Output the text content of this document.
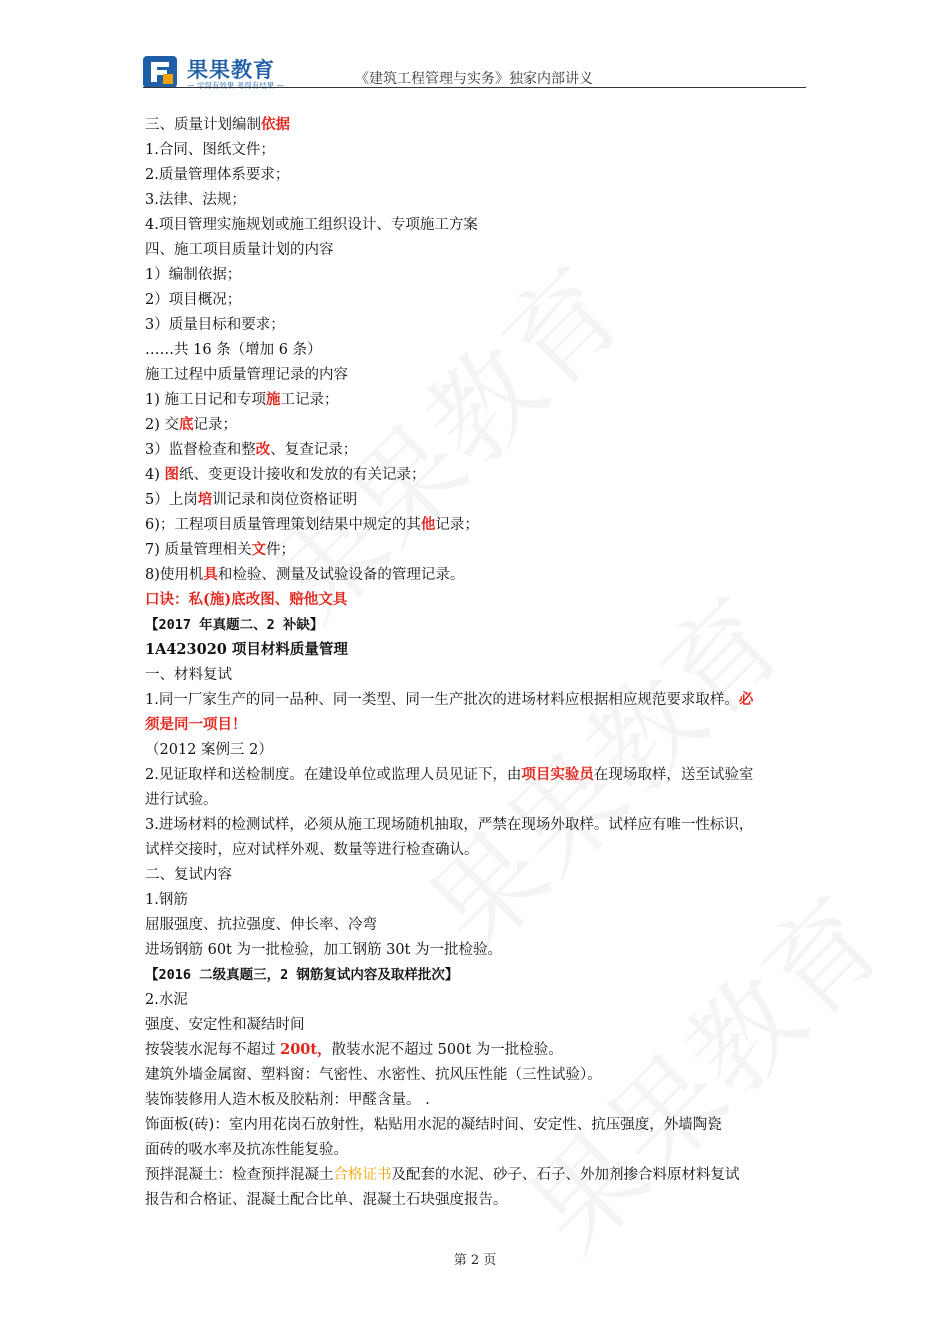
果果教育
— 学得有效果 考得有结果 —	《建筑工程管理与实务》独家内部讲义
三、质量计划编制依据
1.合同、图纸文件；
2.质量管理体系要求；
3.法律、法规；
4.项目管理实施规划或施工组织设计、专项施工方案
四、施工项目质量计划的内容
1）编制依据；
2）项目概况；
3）质量目标和要求；
……共 16 条（增加 6 条）
施工过程中质量管理记录的内容
1) 施工日记和专项施工记录；
2) 交底记录；
3）监督检查和整改、复查记录；
4) 图纸、变更设计接收和发放的有关记录；
5）上岗培训记录和岗位资格证明
6)；工程项目质量管理策划结果中规定的其他记录；
7) 质量管理相关文件；
8)使用机具和检验、测量及试验设备的管理记录。
口诀：私(施)底改图、赔他文具
【2017 年真题二、2 补缺】
1A423020 项目材料质量管理
一、材料复试
1.同一厂家生产的同一品种、同一类型、同一生产批次的进场材料应根据相应规范要求取样。必
须是同一项目！
（2012 案例三 2）
2.见证取样和送检制度。在建设单位或监理人员见证下，由项目实验员在现场取样，送至试验室
进行试验。
3.进场材料的检测试样，必须从施工现场随机抽取，严禁在现场外取样。试样应有唯一性标识，
试样交接时，应对试样外观、数量等进行检查确认。
二、复试内容
1.钢筋
屈服强度、抗拉强度、伸长率、冷弯
进场钢筋 60t 为一批检验，加工钢筋 30t 为一批检验。
【2016 二级真题三，2 钢筋复试内容及取样批次】
2.水泥
强度、安定性和凝结时间
按袋装水泥每不超过 200t，散装水泥不超过 500t 为一批检验。
建筑外墙金属窗、塑料窗：气密性、水密性、抗风压性能（三性试验）。
装饰装修用人造木板及胶粘剂：甲醛含量。 .
饰面板(砖)：室内用花岗石放射性，粘贴用水泥的凝结时间、安定性、抗压强度，外墙陶瓷
面砖的吸水率及抗冻性能复验。
预拌混凝土：检查预拌混凝土合格证书及配套的水泥、砂子、石子、外加剂掺合料原材料复试
报告和合格证、混凝土配合比单、混凝土石块强度报告。
第 2 页
